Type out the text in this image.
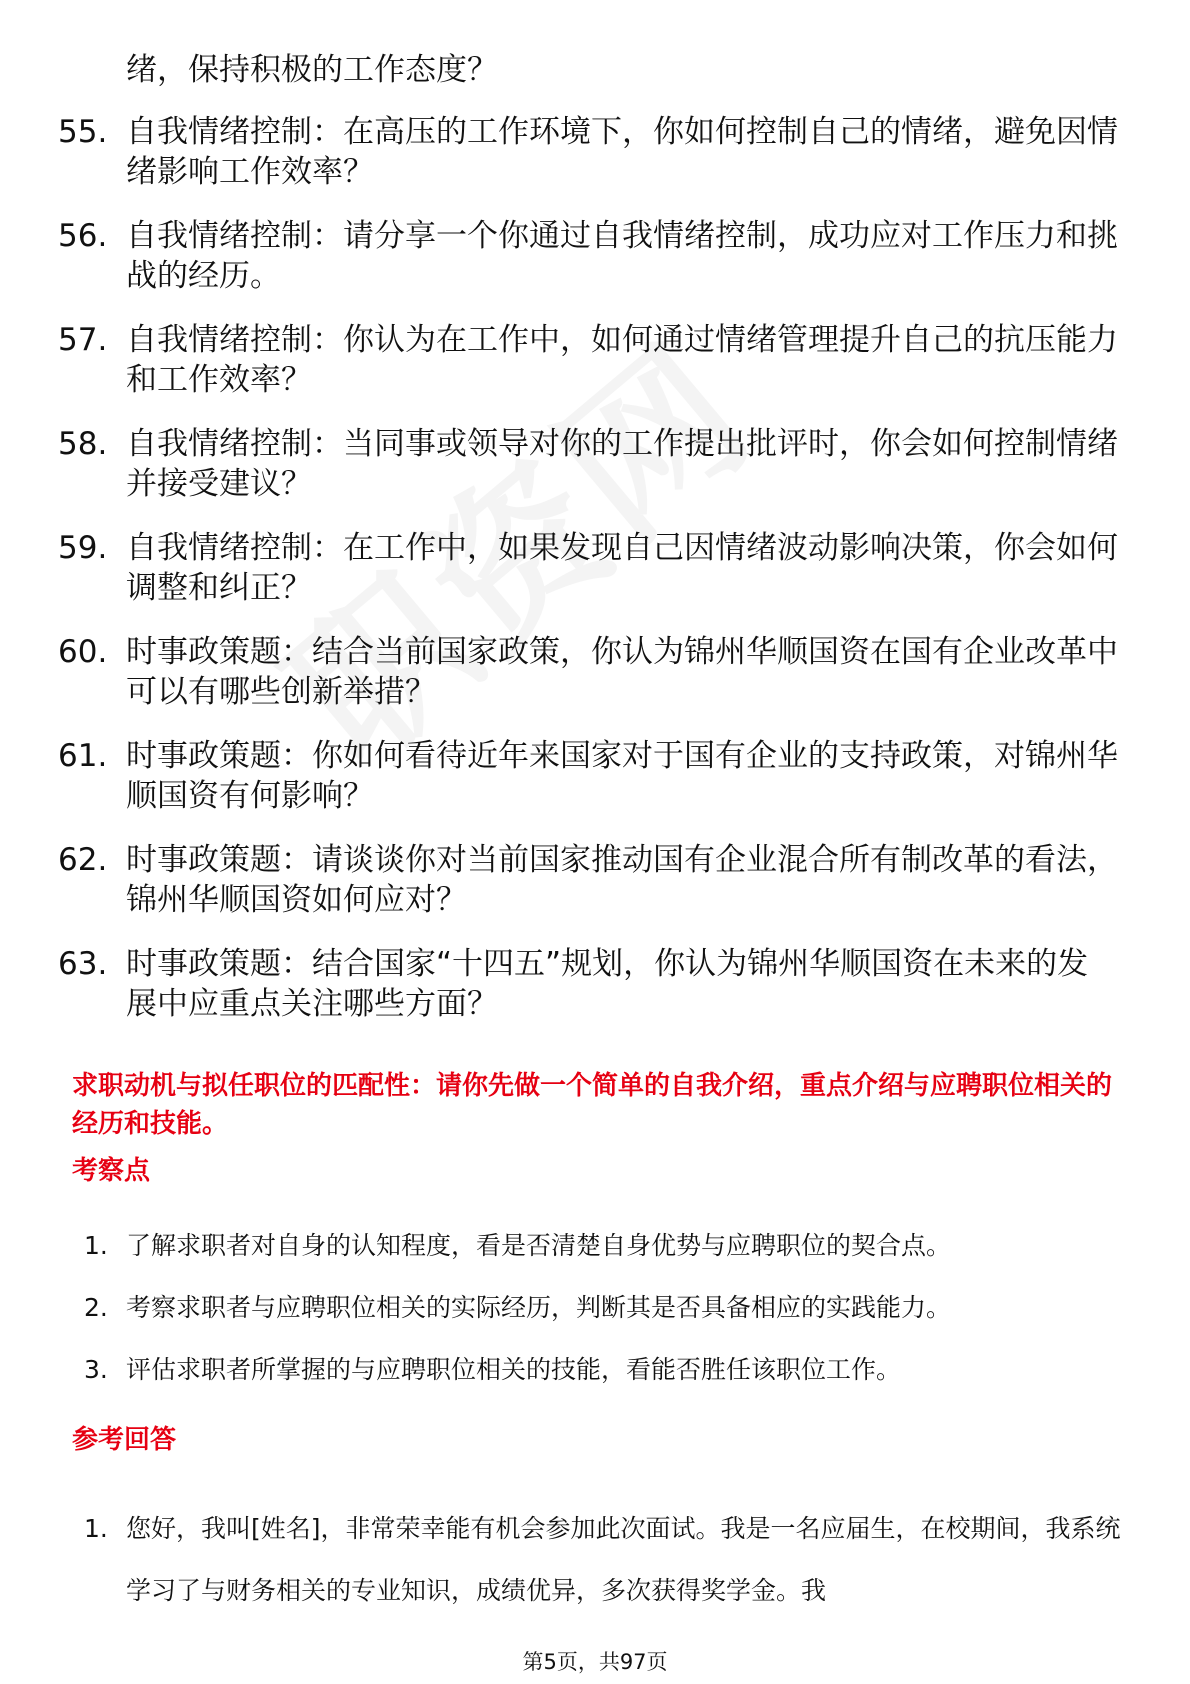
绪，保持积极的工作态度？
55. 自我情绪控制：在高压的工作环境下，你如何控制自己的情绪，避免因情绪影响工作效率？
56. 自我情绪控制：请分享一个你通过自我情绪控制，成功应对工作压力和挑战的经历。
57. 自我情绪控制：你认为在工作中，如何通过情绪管理提升自己的抗压能力和工作效率？
58. 自我情绪控制：当同事或领导对你的工作提出批评时，你会如何控制情绪并接受建议？
59. 自我情绪控制：在工作中，如果发现自己因情绪波动影响决策，你会如何调整和纠正？
60. 时事政策题：结合当前国家政策，你认为锦州华顺国资在国有企业改革中可以有哪些创新举措？
61. 时事政策题：你如何看待近年来国家对于国有企业的支持政策，对锦州华顺国资有何影响？
62. 时事政策题：请谈谈你对当前国家推动国有企业混合所有制改革的看法，锦州华顺国资如何应对？
63. 时事政策题：结合国家“十四五”规划，你认为锦州华顺国资在未来的发展中应重点关注哪些方面？
求职动机与拟任职位的匹配性：请你先做一个简单的自我介绍，重点介绍与应聘职位相关的经历和技能。
考察点
1. 了解求职者对自身的认知程度，看是否清楚自身优势与应聘职位的契合点。
2. 考察求职者与应聘职位相关的实际经历，判断其是否具备相应的实践能力。
3. 评估求职者所掌握的与应聘职位相关的技能，看能否胜任该职位工作。
参考回答
1. 您好，我叫[姓名]，非常荣幸能有机会参加此次面试。我是一名应届生，在校期间，我系统学习了与财务相关的专业知识，成绩优异，多次获得奖学金。我
第5页，共97页
